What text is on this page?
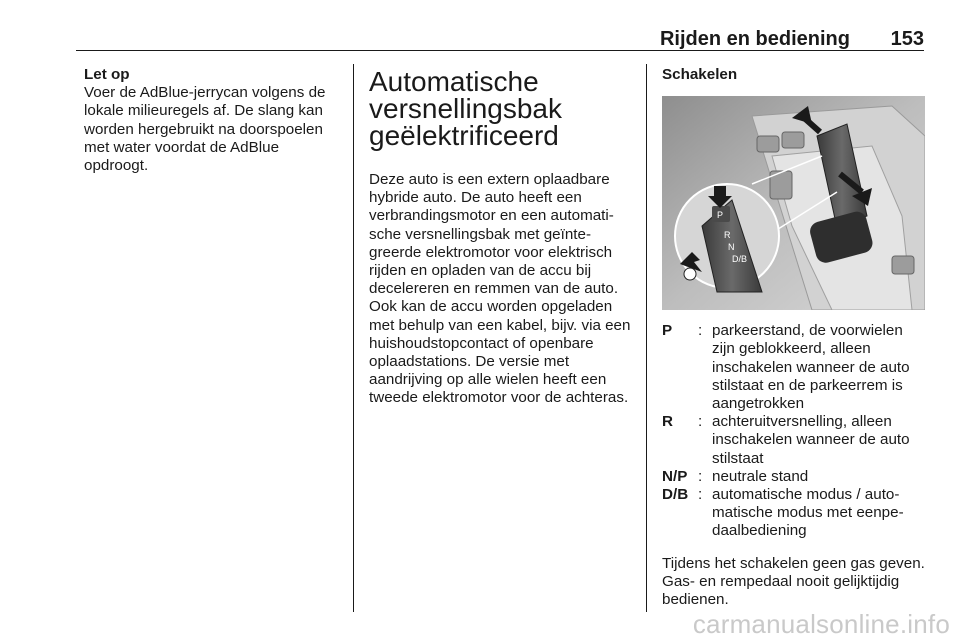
Rijden en bediening 153

Let op

Voer de AdBlue-jerrycan volgens de lokale milieuregels af. De slang kan worden hergebruikt na doorspoelen met water voordat de AdBlue opdroogt.

Automatische versnellingsbak geëlektrificeerd

Deze auto is een extern oplaadbare hybride auto. De auto heeft een verbrandingsmotor en een automatische versnellingsbak met geïntegreerde elektromotor voor elektrisch rijden en opladen van de accu bij decelereren en remmen van de auto. Ook kan de accu worden opgeladen met behulp van een kabel, bijv. via een huishoudstopcontact of openbare oplaadstations. De versie met aandrijving op alle wielen heeft een tweede elektromotor voor de achteras.

Schakelen

P
R
N
D/B
P	: parkeerstand, de voorwielen zijn geblokkeerd, alleen inschakelen wanneer de auto stilstaat en de parkeerrem is aangetrokken
R	: achteruitversnelling, alleen inschakelen wanneer de auto stilstaat
N/P : neutrale stand
D/B : automatische modus / automatische modus met eenpedaalbediening

Tijdens het schakelen geen gas geven. Gas- en rempedaal nooit gelijktijdig bedienen.

carmanualsonline.info
